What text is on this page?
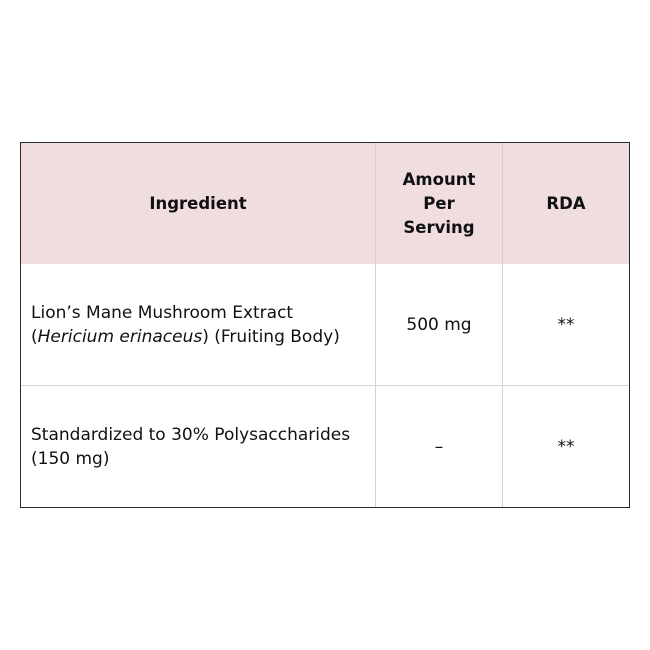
Ingredient
Amount Per Serving
RDA
Lion’s Mane Mushroom Extract
(Hericium erinaceus) (Fruiting Body)
500 mg	**
Standardized to 30% Polysaccharides
(150 mg)
–	**
